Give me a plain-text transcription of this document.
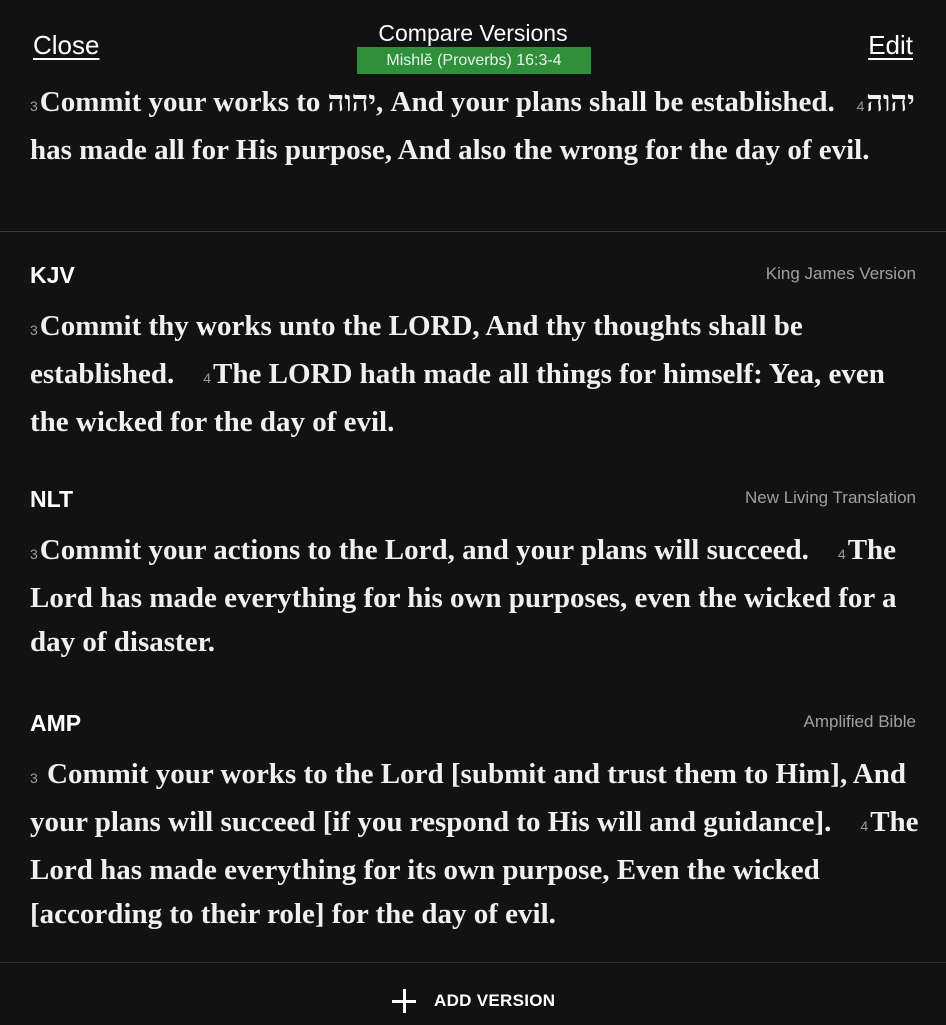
Close	Compare Versions
Mishlĕ (Proverbs) 16:3-4
Edit
3Commit your works to יהוה, And your plans shall be established. 4יהוה has made all for His purpose, And also the wrong for the day of evil.
KJV	King James Version
3Commit thy works unto the LORD, And thy thoughts shall be established. 4The LORD hath made all things for himself: Yea, even the wicked for the day of evil.
NLT	New Living Translation
3Commit your actions to the Lord, and your plans will succeed. 4The Lord has made everything for his own purposes, even the wicked for a day of disaster.
AMP	Amplified Bible
3 Commit your works to the Lord [submit and trust them to Him], And your plans will succeed [if you respond to His will and guidance]. 4The Lord has made everything for its own purpose, Even the wicked [according to their role] for the day of evil.
ADD VERSION
